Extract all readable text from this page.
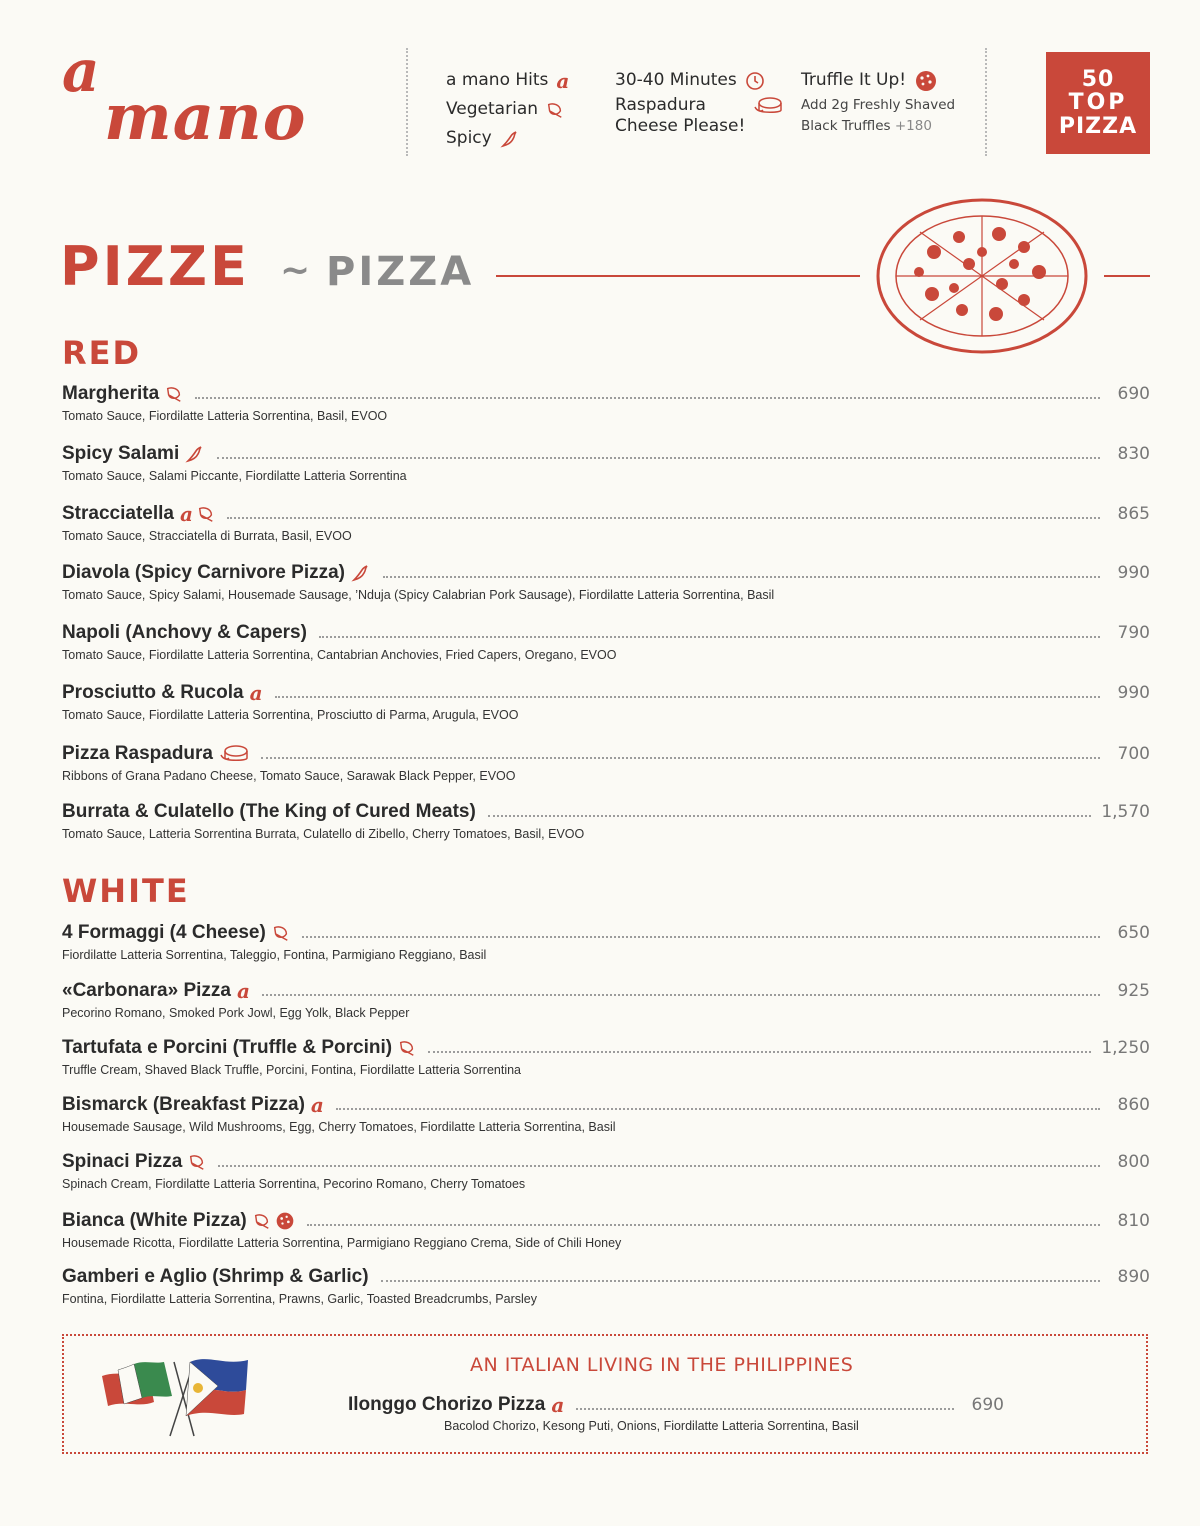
a
mano	a mano Hits a
Vegetarian
Spicy
30-40 Minutes
Raspadura
Cheese Please!
Truffle It Up!
Add 2g Freshly Shaved
Black Truffles +180
50
TOP
PIZZA
PIZZE ~ PIZZA
RED
Margherita	690
Tomato Sauce, Fiordilatte Latteria Sorrentina, Basil, EVOO
Spicy Salami	830
Tomato Sauce, Salami Piccante, Fiordilatte Latteria Sorrentina
Stracciatella a	865
Tomato Sauce, Stracciatella di Burrata, Basil, EVOO
Diavola (Spicy Carnivore Pizza)	990
Tomato Sauce, Spicy Salami, Housemade Sausage, ’Nduja (Spicy Calabrian Pork Sausage), Fiordilatte Latteria Sorrentina, Basil
Napoli (Anchovy & Capers)	790
Tomato Sauce, Fiordilatte Latteria Sorrentina, Cantabrian Anchovies, Fried Capers, Oregano, EVOO
Prosciutto & Rucola a	990
Tomato Sauce, Fiordilatte Latteria Sorrentina, Prosciutto di Parma, Arugula, EVOO
Pizza Raspadura	700
Ribbons of Grana Padano Cheese, Tomato Sauce, Sarawak Black Pepper, EVOO
Burrata & Culatello (The King of Cured Meats)	1,570
Tomato Sauce, Latteria Sorrentina Burrata, Culatello di Zibello, Cherry Tomatoes, Basil, EVOO
WHITE
4 Formaggi (4 Cheese)	650
Fiordilatte Latteria Sorrentina, Taleggio, Fontina, Parmigiano Reggiano, Basil
«Carbonara» Pizza a	925
Pecorino Romano, Smoked Pork Jowl, Egg Yolk, Black Pepper
Tartufata e Porcini (Truffle & Porcini)	1,250
Truffle Cream, Shaved Black Truffle, Porcini, Fontina, Fiordilatte Latteria Sorrentina
Bismarck (Breakfast Pizza) a	860
Housemade Sausage, Wild Mushrooms, Egg, Cherry Tomatoes, Fiordilatte Latteria Sorrentina, Basil
Spinaci Pizza	800
Spinach Cream, Fiordilatte Latteria Sorrentina, Pecorino Romano, Cherry Tomatoes
Bianca (White Pizza)	810
Housemade Ricotta, Fiordilatte Latteria Sorrentina, Parmigiano Reggiano Crema, Side of Chili Honey
Gamberi e Aglio (Shrimp & Garlic)	890
Fontina, Fiordilatte Latteria Sorrentina, Prawns, Garlic, Toasted Breadcrumbs, Parsley
AN ITALIAN LIVING IN THE PHILIPPINES
Ilonggo Chorizo Pizza a	690
Bacolod Chorizo, Kesong Puti, Onions, Fiordilatte Latteria Sorrentina, Basil
